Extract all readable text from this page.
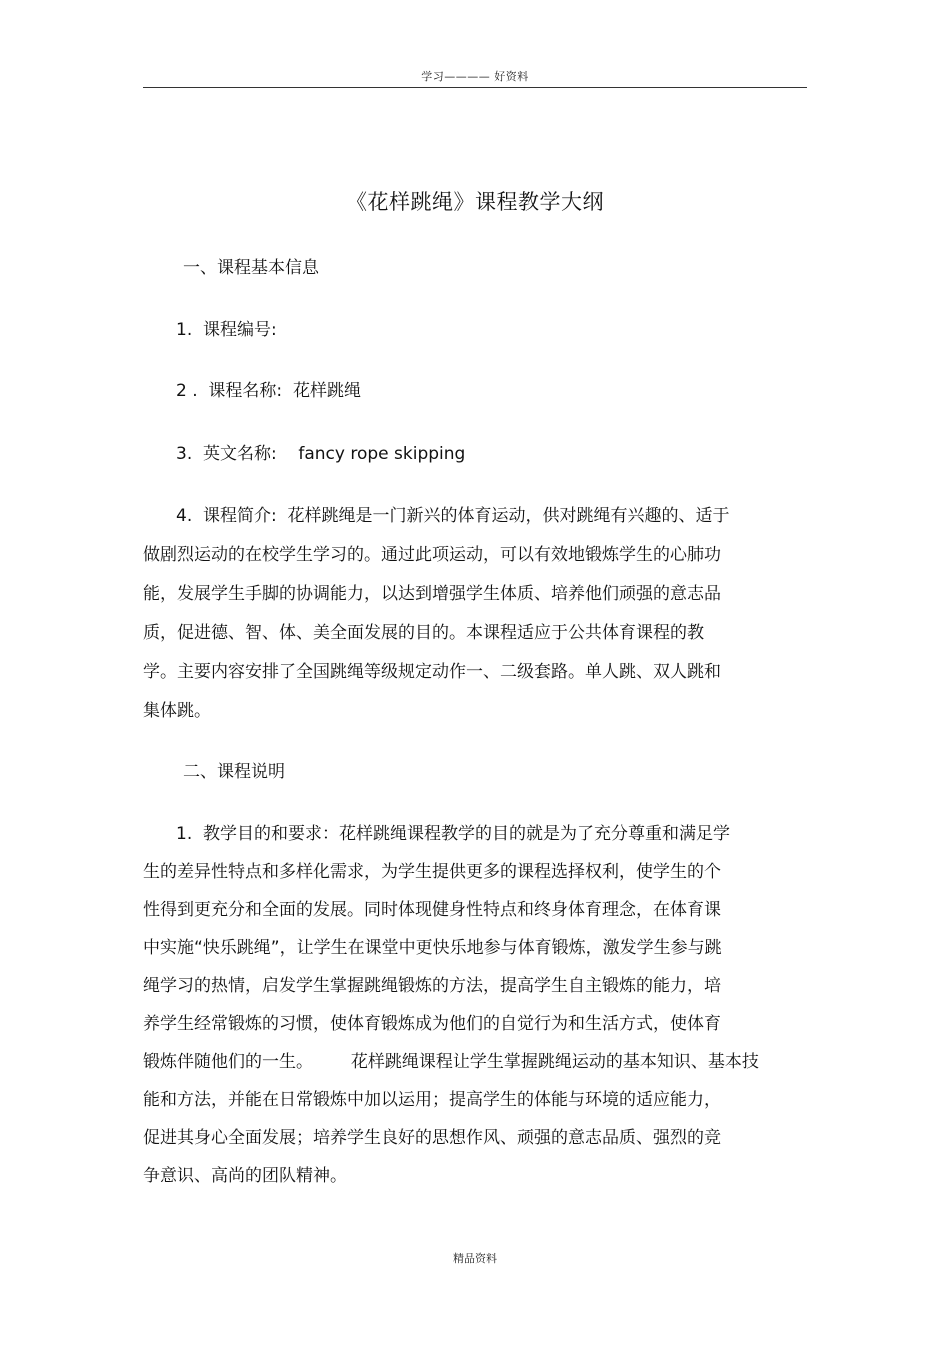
学习———— 好资料
《花样跳绳》课程教学大纲
一、课程基本信息
1.  课程编号:
2 .  课程名称:  花样跳绳
3.  英文名称:    fancy rope skipping
4.  课程简介:  花样跳绳是一门新兴的体育运动，供对跳绳有兴趣的、适于
做剧烈运动的在校学生学习的。通过此项运动，可以有效地锻炼学生的心肺功
能，发展学生手脚的协调能力，以达到增强学生体质、培养他们顽强的意志品
质，促进德、智、体、美全面发展的目的。本课程适应于公共体育课程的教
学。主要内容安排了全国跳绳等级规定动作一、二级套路。单人跳、双人跳和
集体跳。
二、课程说明
1.  教学目的和要求：花样跳绳课程教学的目的就是为了充分尊重和满足学
生的差异性特点和多样化需求，为学生提供更多的课程选择权利，使学生的个
性得到更充分和全面的发展。同时体现健身性特点和终身体育理念，在体育课
中实施“快乐跳绳”，让学生在课堂中更快乐地参与体育锻炼，激发学生参与跳
绳学习的热情，启发学生掌握跳绳锻炼的方法，提高学生自主锻炼的能力，培
养学生经常锻炼的习惯，使体育锻炼成为他们的自觉行为和生活方式，使体育
锻炼伴随他们的一生。       花样跳绳课程让学生掌握跳绳运动的基本知识、基本技
能和方法，并能在日常锻炼中加以运用；提高学生的体能与环境的适应能力，
促进其身心全面发展；培养学生良好的思想作风、顽强的意志品质、强烈的竞
争意识、高尚的团队精神。
精品资料
